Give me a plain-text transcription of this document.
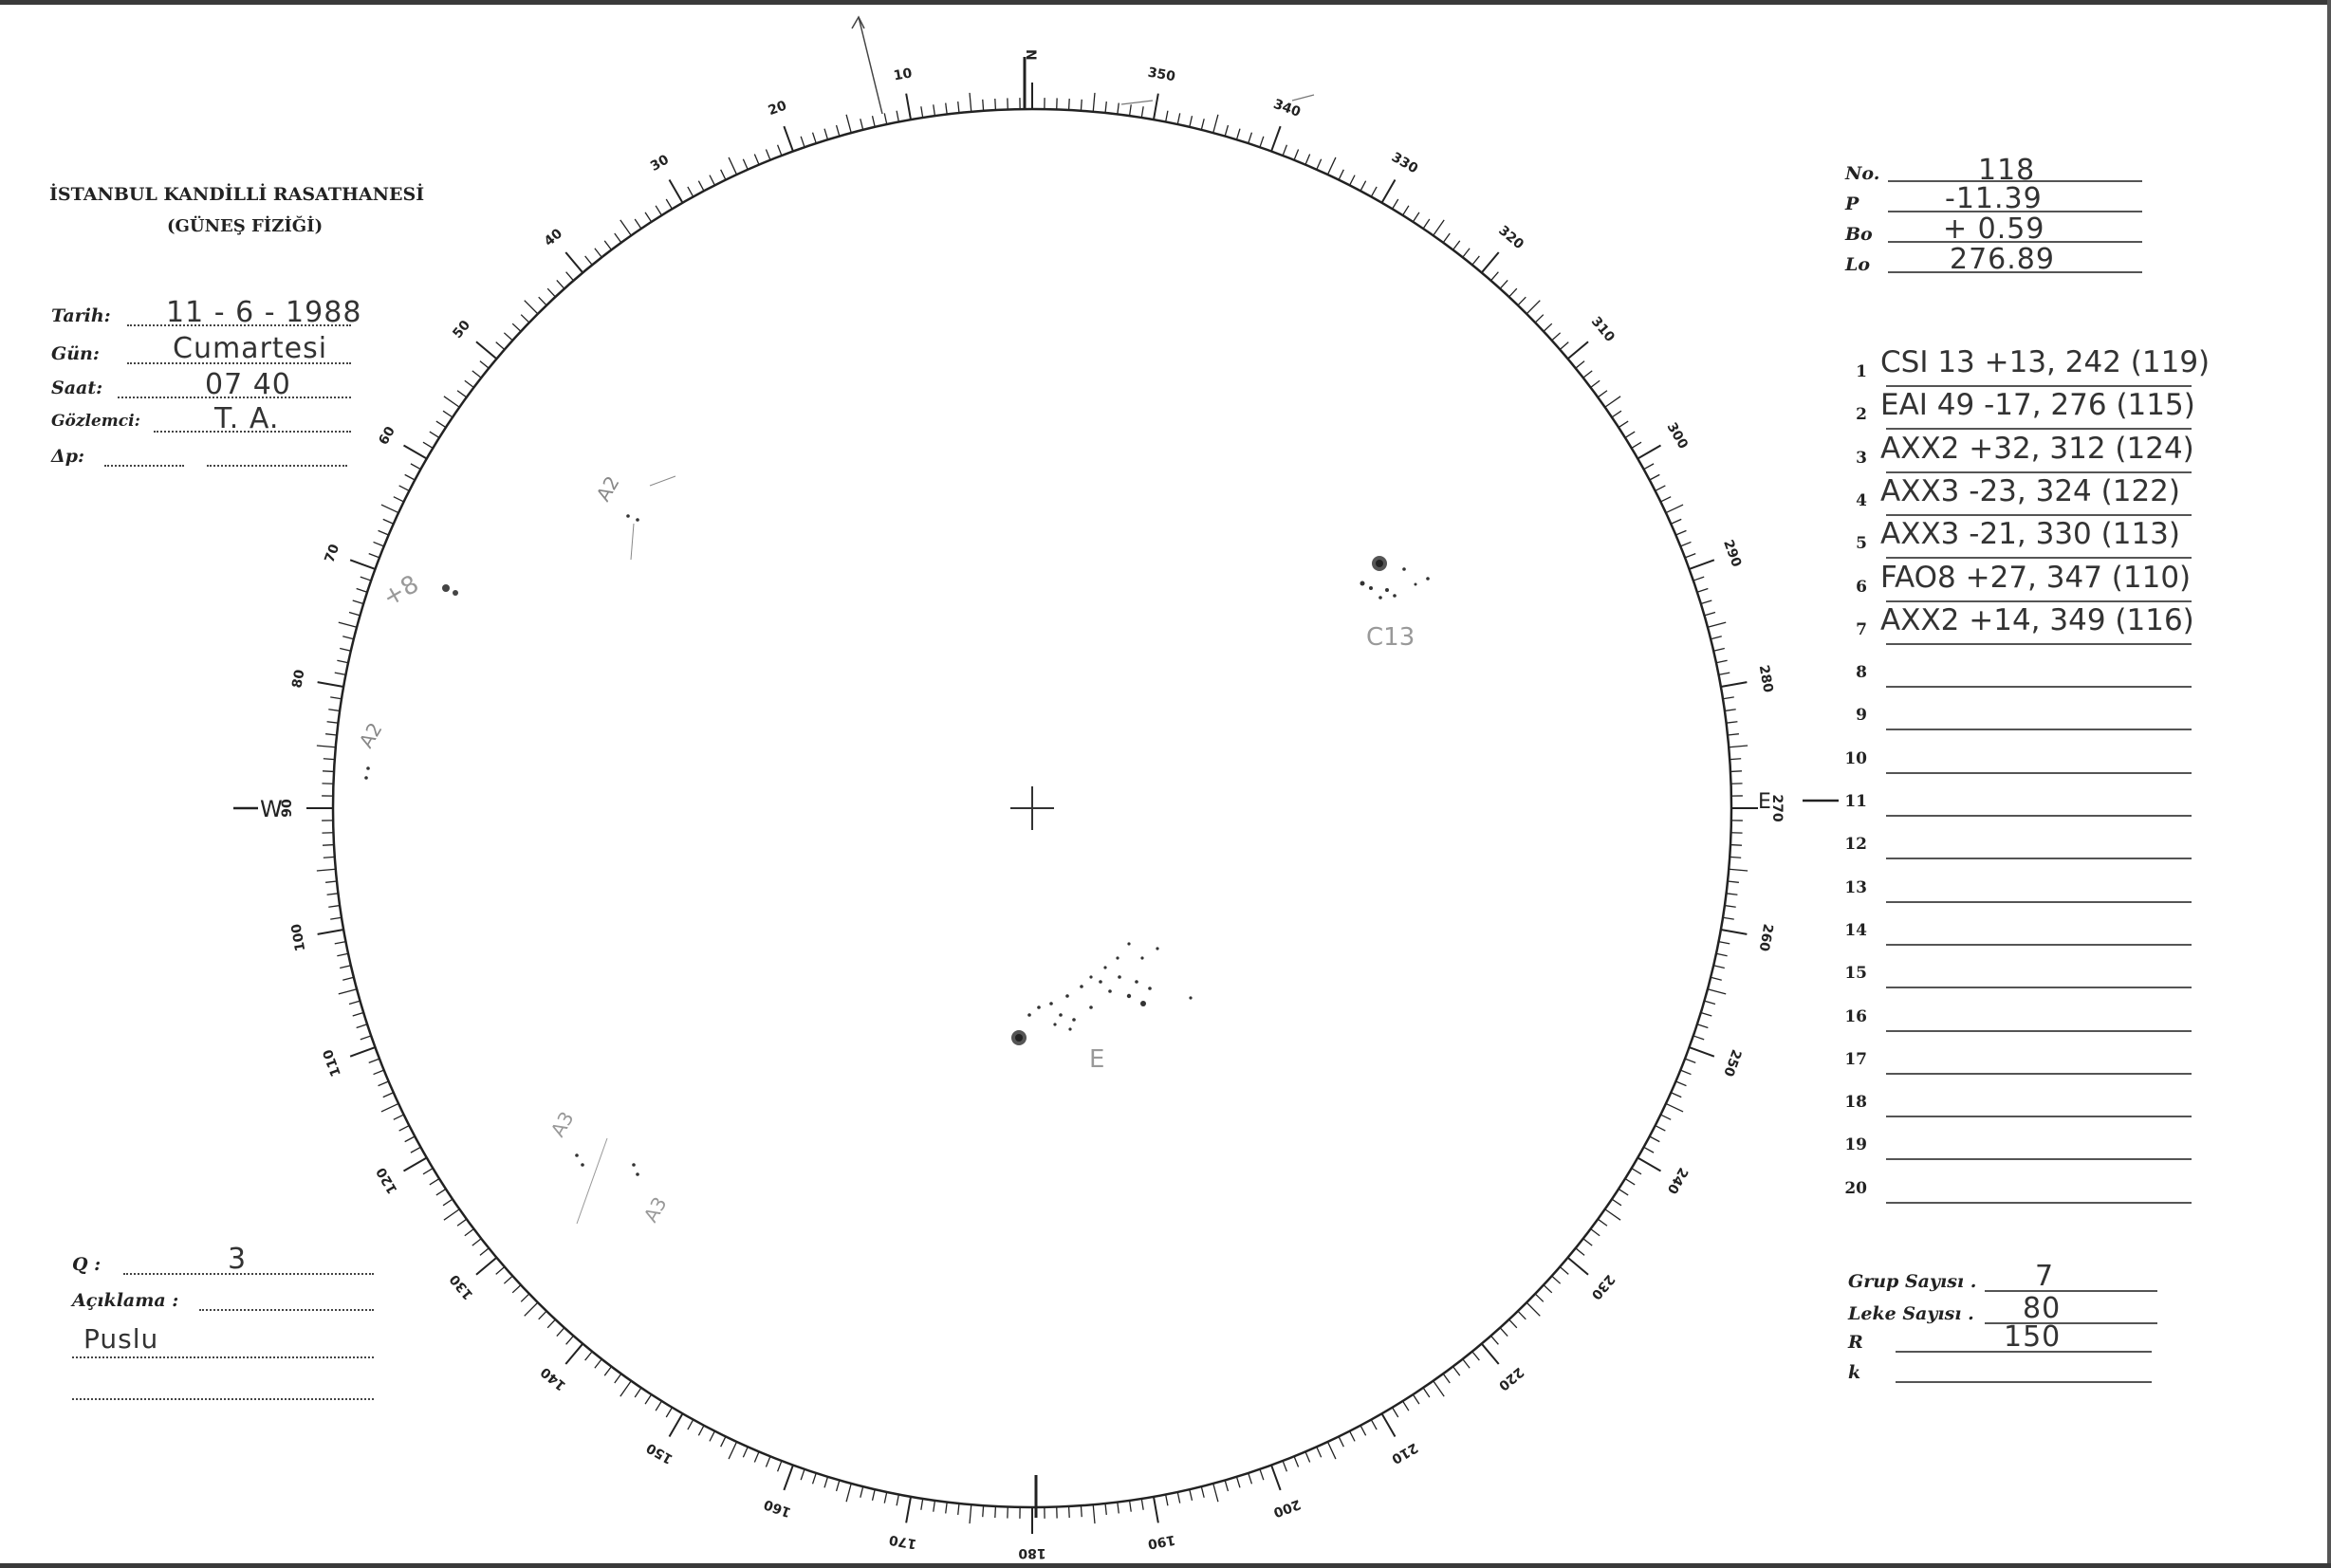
350
340
330
320
310
300
290
280
270
260
250
240
230
220
210
200
190
180
170
160
150
140
130
120
110
100
90
80
70
60
50
40
30
20
10
W	E
N
A2
A2
+8
C13
E
A3
A3
İSTANBUL KANDİLLİ RASATHANESİ
(GÜNEŞ FİZİĞİ)
Tarih: 11 - 6 - 1988
Gün:	Cumartesi
Saat:	07 40
Gözlemci:	T. A.
Δp:
No.	118
P	-11.39
Bo + 0.59
Lo	276.89
1 CSI 13 +13, 242 (119)
2 EAI 49 -17, 276 (115)
3 AXX2 +32, 312 (124)
4 AXX3 -23, 324 (122)
5 AXX3 -21, 330 (113)
6 FAO8 +27, 347 (110)
7 AXX2 +14, 349 (116)
8
9
10
11
12
13
14
15
16
17
18
19
20
Q :	3
Açıklama :
Puslu
Grup Sayısı . 7
Leke Sayısı . 80
R	150
k
